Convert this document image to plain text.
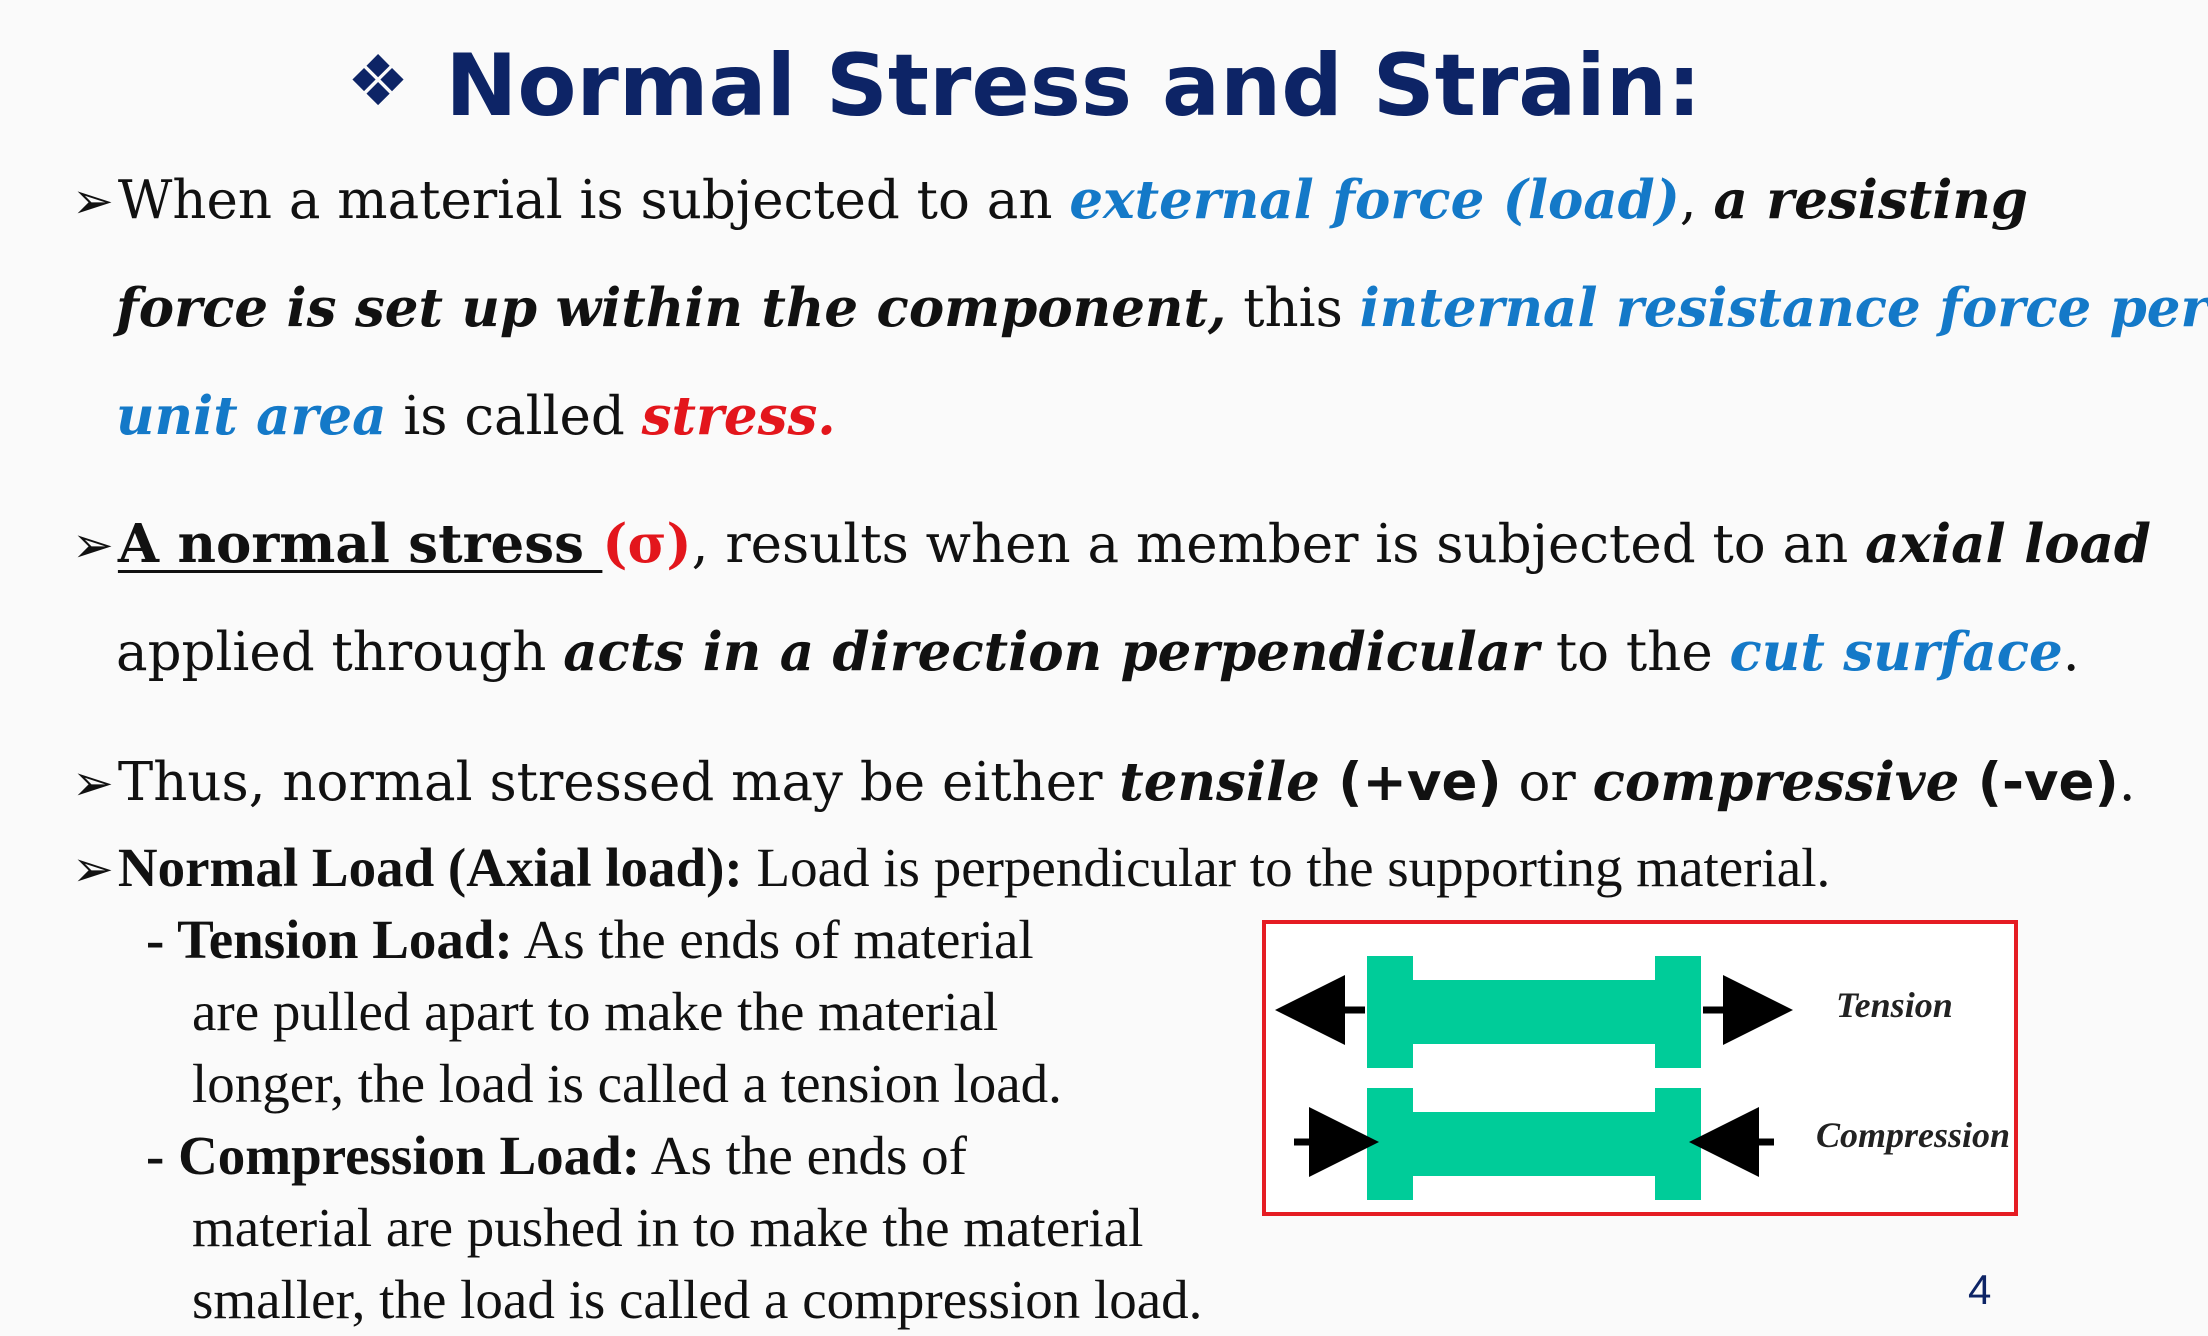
❖ Normal Stress and Strain:
➢When a material is subjected to an external force (load), a resisting
force is set up within the component, this internal resistance force per
unit area is called stress.
➢A normal stress (σ), results when a member is subjected to an axial load
applied through acts in a direction perpendicular to the cut surface.
➢Thus, normal stressed may be either tensile (+ve) or compressive (-ve).
➢Normal Load (Axial load): Load is perpendicular to the supporting material.
- Tension Load: As the ends of material
are pulled apart to make the material
longer, the load is called a tension load.
- Compression Load: As the ends of
material are pushed in to make the material
smaller, the load is called a compression load.
Tension
Compression
4
